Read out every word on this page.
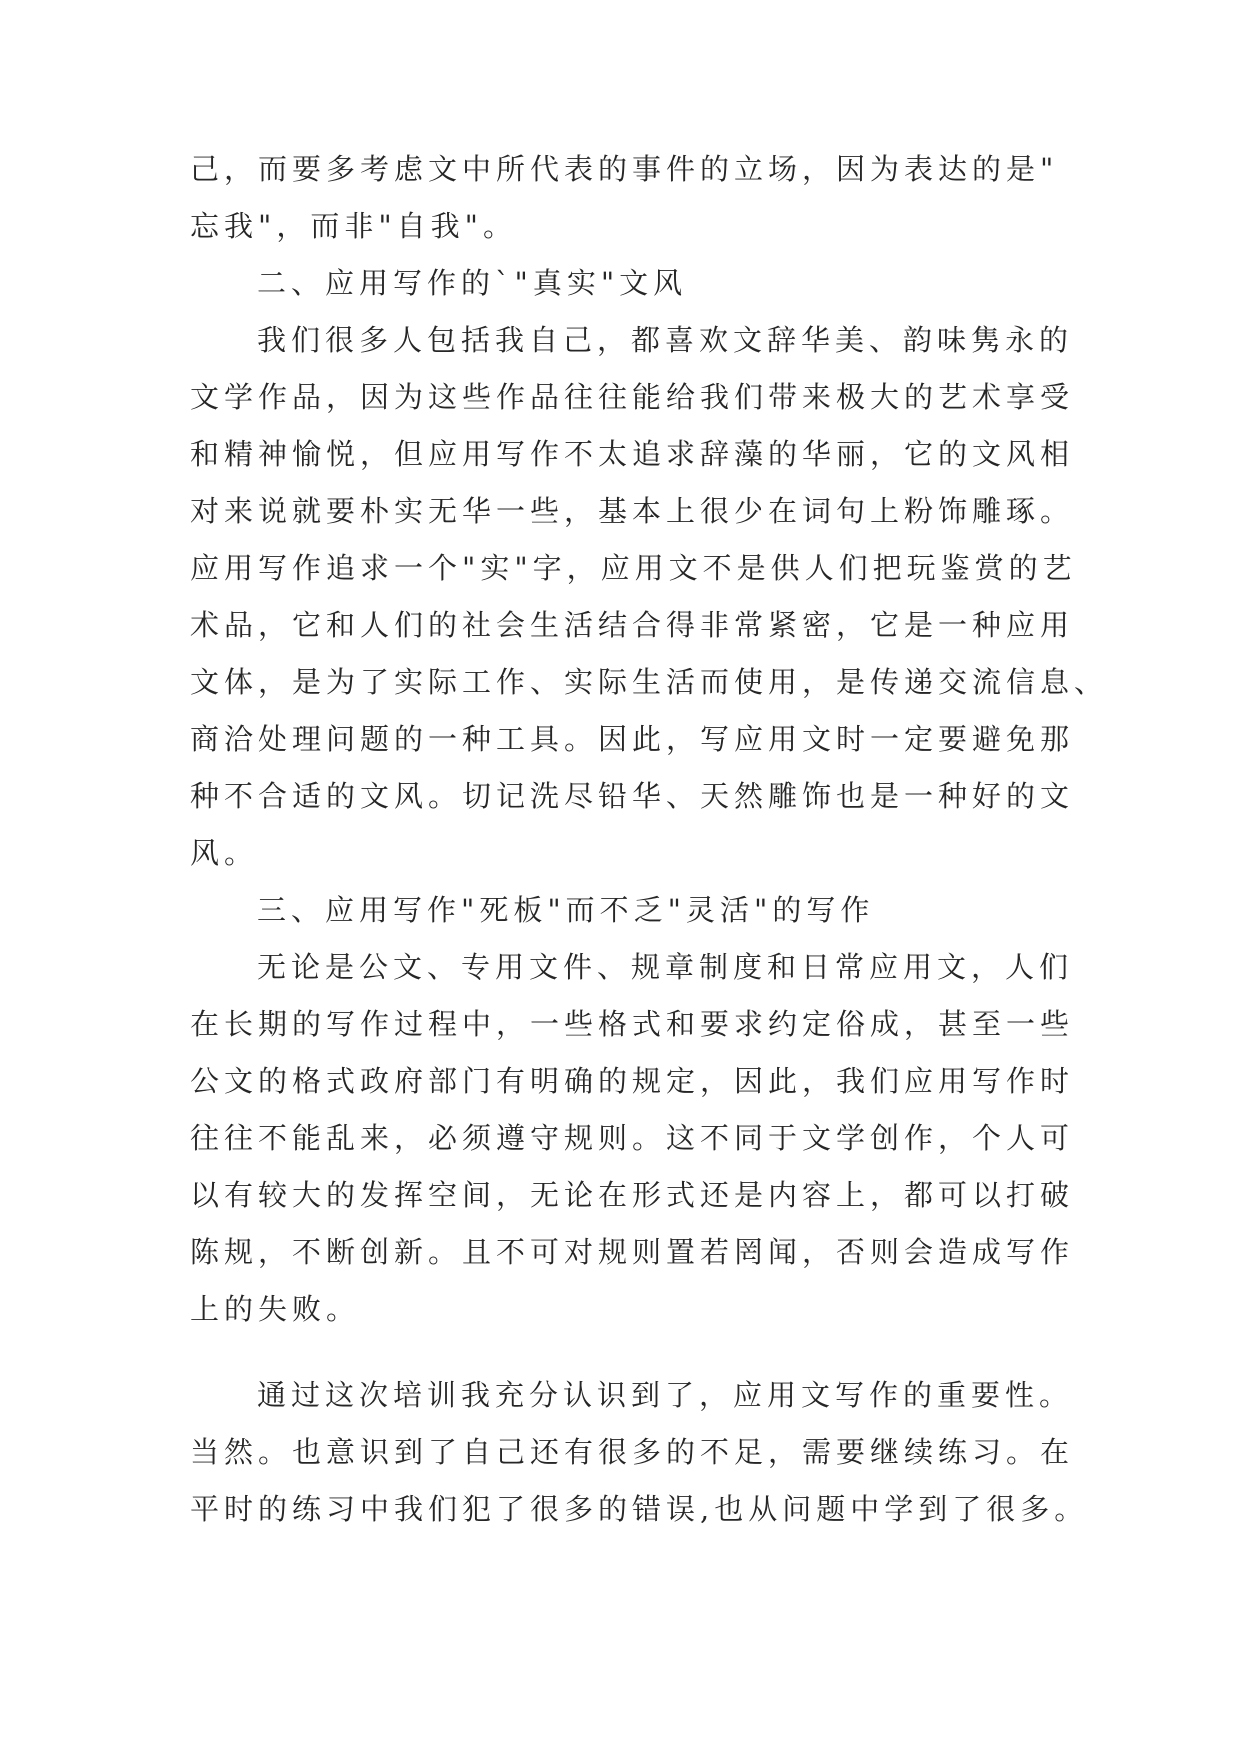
己，而要多考虑文中所代表的事件的立场，因为表达的是"

忘我"，而非"自我"。

二、应用写作的`"真实"文风

我们很多人包括我自己，都喜欢文辞华美、韵味隽永的

文学作品，因为这些作品往往能给我们带来极大的艺术享受

和精神愉悦，但应用写作不太追求辞藻的华丽，它的文风相

对来说就要朴实无华一些，基本上很少在词句上粉饰雕琢。

应用写作追求一个"实"字，应用文不是供人们把玩鉴赏的艺

术品，它和人们的社会生活结合得非常紧密，它是一种应用

文体，是为了实际工作、实际生活而使用，是传递交流信息、

商洽处理问题的一种工具。因此，写应用文时一定要避免那

种不合适的文风。切记洗尽铅华、天然雕饰也是一种好的文

风。

三、应用写作"死板"而不乏"灵活"的写作

无论是公文、专用文件、规章制度和日常应用文，人们

在长期的写作过程中，一些格式和要求约定俗成，甚至一些

公文的格式政府部门有明确的规定，因此，我们应用写作时

往往不能乱来，必须遵守规则。这不同于文学创作，个人可

以有较大的发挥空间，无论在形式还是内容上，都可以打破

陈规，不断创新。且不可对规则置若罔闻，否则会造成写作

上的失败。

通过这次培训我充分认识到了，应用文写作的重要性。

当然。也意识到了自己还有很多的不足，需要继续练习。在

平时的练习中我们犯了很多的错误,也从问题中学到了很多。
